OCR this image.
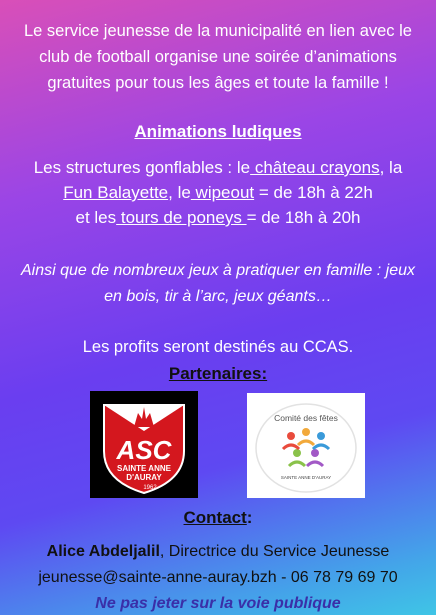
Le service jeunesse de la municipalité en lien avec le
club de football organise une soirée d’animations
gratuites pour tous les âges et toute la famille !
Animations ludiques
Les structures gonflables : le château crayons, la
Fun Balayette, le wipeout = de 18h à 22h
et les tours de poneys = de 18h à 20h
Ainsi que de nombreux jeux à pratiquer en famille : jeux
en bois, tir à l’arc, jeux géants…
Les profits seront destinés au CCAS.
Partenaires:
ASC
SAINTE ANNE
D'AURAY
1962
Comité des fêtes
SAINTE ANNE D'AURAY
Contact:
Alice Abdeljalil, Directrice du Service Jeunesse
jeunesse@sainte-anne-auray.bzh - 06 78 79 69 70
Ne pas jeter sur la voie publique
